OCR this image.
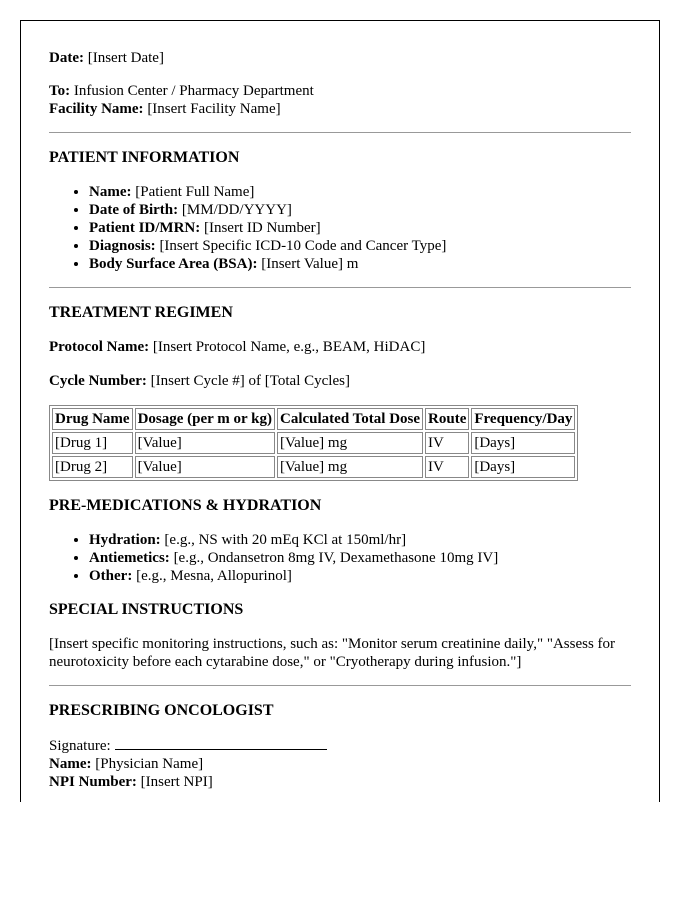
Date: [Insert Date]

To: Infusion Center / Pharmacy Department

Facility Name: [Insert Facility Name]

PATIENT INFORMATION
• Name: [Patient Full Name]
• Date of Birth: [MM/DD/YYYY]
• Patient ID/MRN: [Insert ID Number]
• Diagnosis: [Insert Specific ICD-10 Code and Cancer Type]
• Body Surface Area (BSA): [Insert Value] m
TREATMENT REGIMEN

Protocol Name: [Insert Protocol Name, e.g., BEAM, HiDAC]

Cycle Number: [Insert Cycle #] of [Total Cycles]

Drug Name	Dosage (per m or kg)	Calculated Total Dose	Route	Frequency/Day
[Drug 1]	[Value]	[Value] mg	IV	[Days]
[Drug 2]	[Value]	[Value] mg	IV	[Days]
PRE-MEDICATIONS & HYDRATION
• Hydration: [e.g., NS with 20 mEq KCl at 150ml/hr]
• Antiemetics: [e.g., Ondansetron 8mg IV, Dexamethasone 10mg IV]
• Other: [e.g., Mesna, Allopurinol]
SPECIAL INSTRUCTIONS

[Insert specific monitoring instructions, such as: "Monitor serum creatinine daily," "Assess for neurotoxicity before each cytarabine dose," or "Cryotherapy during infusion."]

PRESCRIBING ONCOLOGIST

Signature:

Name: [Physician Name]

NPI Number: [Insert NPI]
